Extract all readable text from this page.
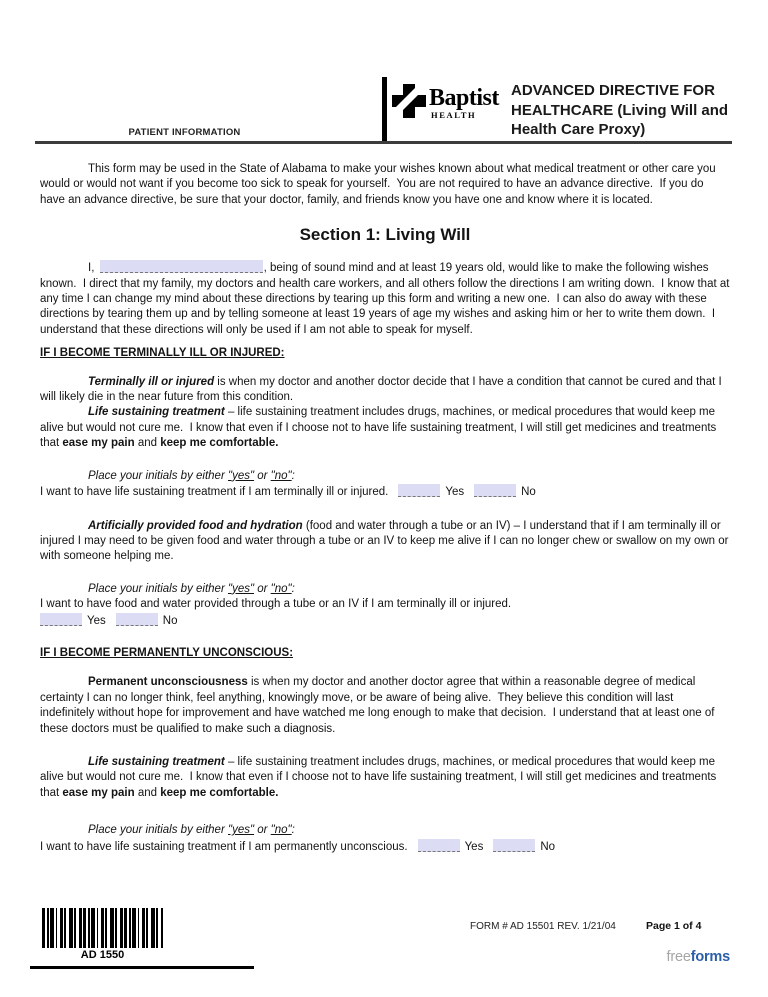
PATIENT INFORMATION
Baptist
HEALTH
ADVANCED DIRECTIVE FOR
HEALTHCARE (Living Will and
Health Care Proxy)

This form may be used in the State of Alabama to make your wishes known about what medical treatment or other care you would or would not want if you become too sick to speak for yourself.  You are not required to have an advance directive.  If you do have an advance directive, be sure that your doctor, family, and friends know you have one and know where it is located.

Section 1: Living Will

I,	, being of sound mind and at least 19 years old, would like to make the following wishes known.  I direct that my family, my doctors and health care workers, and all others follow the directions I am writing down.  I know that at any time I can change my mind about these directions by tearing up this form and writing a new one.  I can also do away with these directions by tearing them up and by telling someone at least 19 years of age my wishes and asking him or her to write them down.  I understand that these directions will only be used if I am not able to speak for myself.

IF I BECOME TERMINALLY ILL OR INJURED:

Terminally ill or injured is when my doctor and another doctor decide that I have a condition that cannot be cured and that I will likely die in the near future from this condition.

Life sustaining treatment – life sustaining treatment includes drugs, machines, or medical procedures that would keep me alive but would not cure me.  I know that even if I choose not to have life sustaining treatment, I will still get medicines and treatments that ease my pain and keep me comfortable.

Place your initials by either "yes" or "no":

I want to have life sustaining treatment if I am terminally ill or injured.	Yes	No

Artificially provided food and hydration (food and water through a tube or an IV) – I understand that if I am terminally ill or injured I may need to be given food and water through a tube or an IV to keep me alive if I can no longer chew or swallow on my own or with someone helping me.

Place your initials by either "yes" or "no":

I want to have food and water provided through a tube or an IV if I am terminally ill or injured.

Yes	No

IF I BECOME PERMANENTLY UNCONSCIOUS:

Permanent unconsciousness is when my doctor and another doctor agree that within a reasonable degree of medical certainty I can no longer think, feel anything, knowingly move, or be aware of being alive.  They believe this condition will last indefinitely without hope for improvement and have watched me long enough to make that decision.  I understand that at least one of these doctors must be qualified to make such a diagnosis.

Life sustaining treatment – life sustaining treatment includes drugs, machines, or medical procedures that would keep me alive but would not cure me.  I know that even if I choose not to have life sustaining treatment, I will still get medicines and treatments that ease my pain and keep me comfortable.

Place your initials by either "yes" or "no":

I want to have life sustaining treatment if I am permanently unconscious.	Yes	No

AD 1550
FORM # AD 15501 REV. 1/21/04	Page 1 of 4
freeforms
